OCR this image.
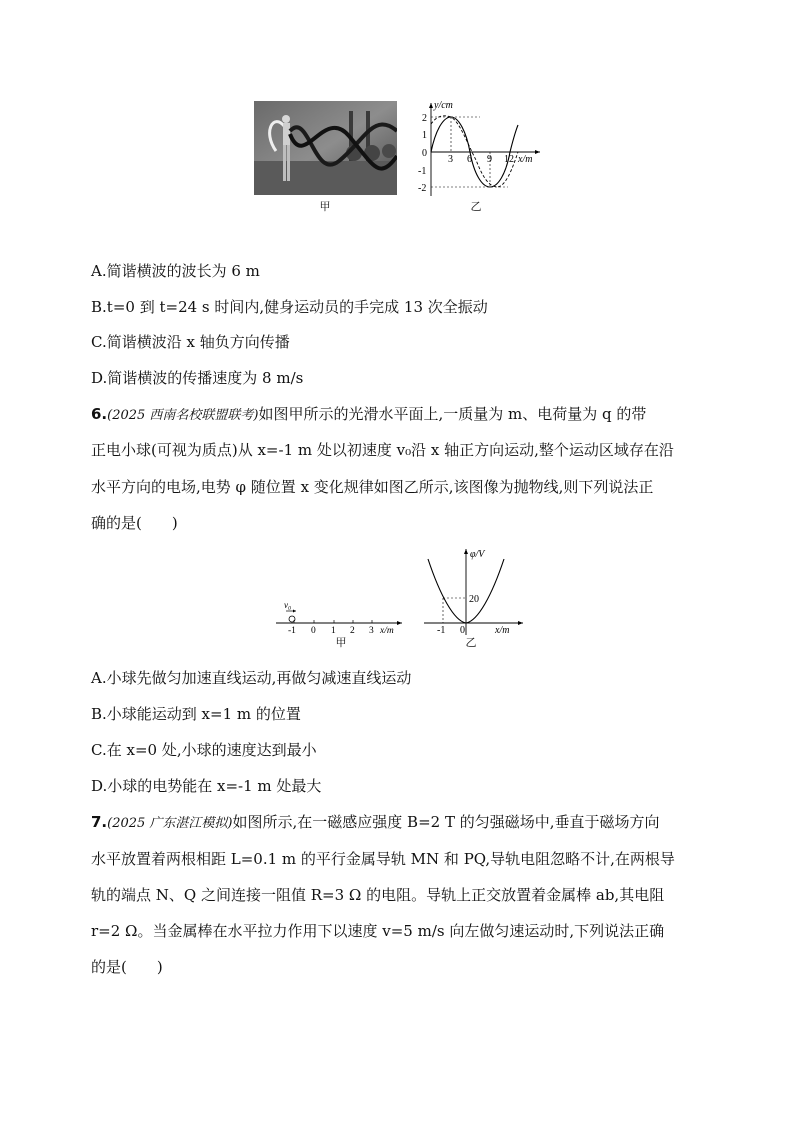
甲
y/cm
x/m
2
1
0
-1
-2
3 6 9 12
乙
A.简谐横波的波长为 6 m
B.t=0 到 t=24 s 时间内,健身运动员的手完成 13 次全振动
C.简谐横波沿 x 轴负方向传播
D.简谐横波的传播速度为 8 m/s
6.(2025 西南名校联盟联考)如图甲所示的光滑水平面上,一质量为 m、电荷量为 q 的带
正电小球(可视为质点)从 x=-1 m 处以初速度 v₀沿 x 轴正方向运动,整个运动区域存在沿
水平方向的电场,电势 φ 随位置 x 变化规律如图乙所示,该图像为抛物线,则下列说法正
确的是(　　)
v₀
-1 0 1 2 3 x/m
甲
φ/V
20
-1 0	x/m
乙
A.小球先做匀加速直线运动,再做匀减速直线运动
B.小球能运动到 x=1 m 的位置
C.在 x=0 处,小球的速度达到最小
D.小球的电势能在 x=-1 m 处最大
7.(2025 广东湛江模拟)如图所示,在一磁感应强度 B=2 T 的匀强磁场中,垂直于磁场方向
水平放置着两根相距 L=0.1 m 的平行金属导轨 MN 和 PQ,导轨电阻忽略不计,在两根导
轨的端点 N、Q 之间连接一阻值 R=3 Ω 的电阻。导轨上正交放置着金属棒 ab,其电阻
r=2 Ω。当金属棒在水平拉力作用下以速度 v=5 m/s 向左做匀速运动时,下列说法正确
的是(　　)
